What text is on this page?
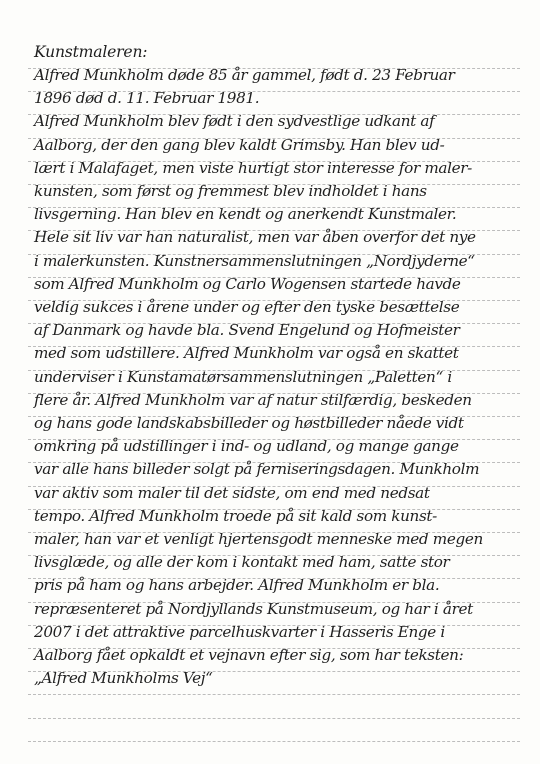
Kunstmaleren:
Alfred Munkholm døde 85 år gammel, født d. 23 Februar
1896 død d. 11. Februar 1981.
Alfred Munkholm blev født i den sydvestlige udkant af
Aalborg, der den gang blev kaldt Grimsby. Han blev ud-
lært i Malafaget, men viste hurtigt stor interesse for maler-
kunsten, som først og fremmest blev indholdet i hans
livsgerning. Han blev en kendt og anerkendt Kunstmaler.
Hele sit liv var han naturalist, men var åben overfor det nye
i malerkunsten. Kunstnersammenslutningen „Nordjyderne“
som Alfred Munkholm og Carlo Wogensen startede havde
veldig sukces i årene under og efter den tyske besættelse
af Danmark og havde bla. Svend Engelund og Hofmeister
med som udstillere. Alfred Munkholm var også en skattet
underviser i Kunstamatørsammenslutningen „Paletten“ i
flere år. Alfred Munkholm var af natur stilfærdig, beskeden
og hans gode landskabsbilleder og høstbilleder nåede vidt
omkring på udstillinger i ind- og udland, og mange gange
var alle hans billeder solgt på ferniseringsdagen. Munkholm
var aktiv som maler til det sidste, om end med nedsat
tempo. Alfred Munkholm troede på sit kald som kunst-
maler, han var et venligt hjertensgodt menneske med megen
livsglæde, og alle der kom i kontakt med ham, satte stor
pris på ham og hans arbejder. Alfred Munkholm er bla.
repræsenteret på Nordjyllands Kunstmuseum, og har i året
2007 i det attraktive parcelhuskvarter i Hasseris Enge i
Aalborg fået opkaldt et vejnavn efter sig, som har teksten:
„Alfred Munkholms Vej“
